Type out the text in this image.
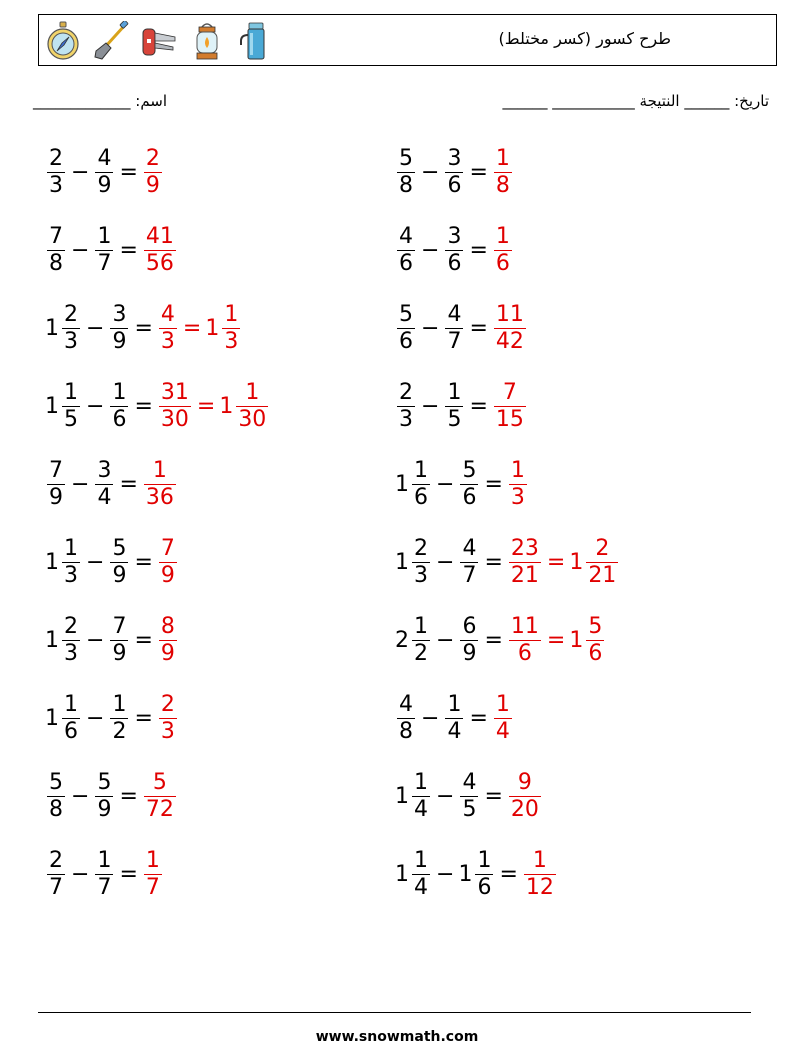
طرح كسور (كسر مختلط)
اسم: _____________	تاريخ: ______ النتيجة ___________ ______
$\frac{2}{3} - \frac{4}{9} = \frac{2}{9}$	$\frac{5}{8} - \frac{3}{6} = \frac{1}{8}$
$\frac{7}{8} - \frac{1}{7} = \frac{41}{56}$	$\frac{4}{6} - \frac{3}{6} = \frac{1}{6}$
$1 \frac{2}{3} - \frac{3}{9} = \frac{4}{3} = 1 \frac{1}{3}$	$\frac{5}{6} - \frac{4}{7} = \frac{11}{42}$
$1 \frac{1}{5} - \frac{1}{6} = \frac{31}{30} = 1 \frac{1}{30}$	$\frac{2}{3} - \frac{1}{5} = \frac{7}{15}$
$\frac{7}{9} - \frac{3}{4} = \frac{1}{36}$	$1 \frac{1}{6} - \frac{5}{6} = \frac{1}{3}$
$1 \frac{1}{3} - \frac{5}{9} = \frac{7}{9}$	$1 \frac{2}{3} - \frac{4}{7} = \frac{23}{21} = 1 \frac{2}{21}$
$1 \frac{2}{3} - \frac{7}{9} = \frac{8}{9}$	$2 \frac{1}{2} - \frac{6}{9} = \frac{11}{6} = 1 \frac{5}{6}$
$1 \frac{1}{6} - \frac{1}{2} = \frac{2}{3}$	$\frac{4}{8} - \frac{1}{4} = \frac{1}{4}$
$\frac{5}{8} - \frac{5}{9} = \frac{5}{72}$	$1 \frac{1}{4} - \frac{4}{5} = \frac{9}{20}$
$\frac{2}{7} - \frac{1}{7} = \frac{1}{7}$	$1 \frac{1}{4} - 1 \frac{1}{6} = \frac{1}{12}$
www.snowmath.com
